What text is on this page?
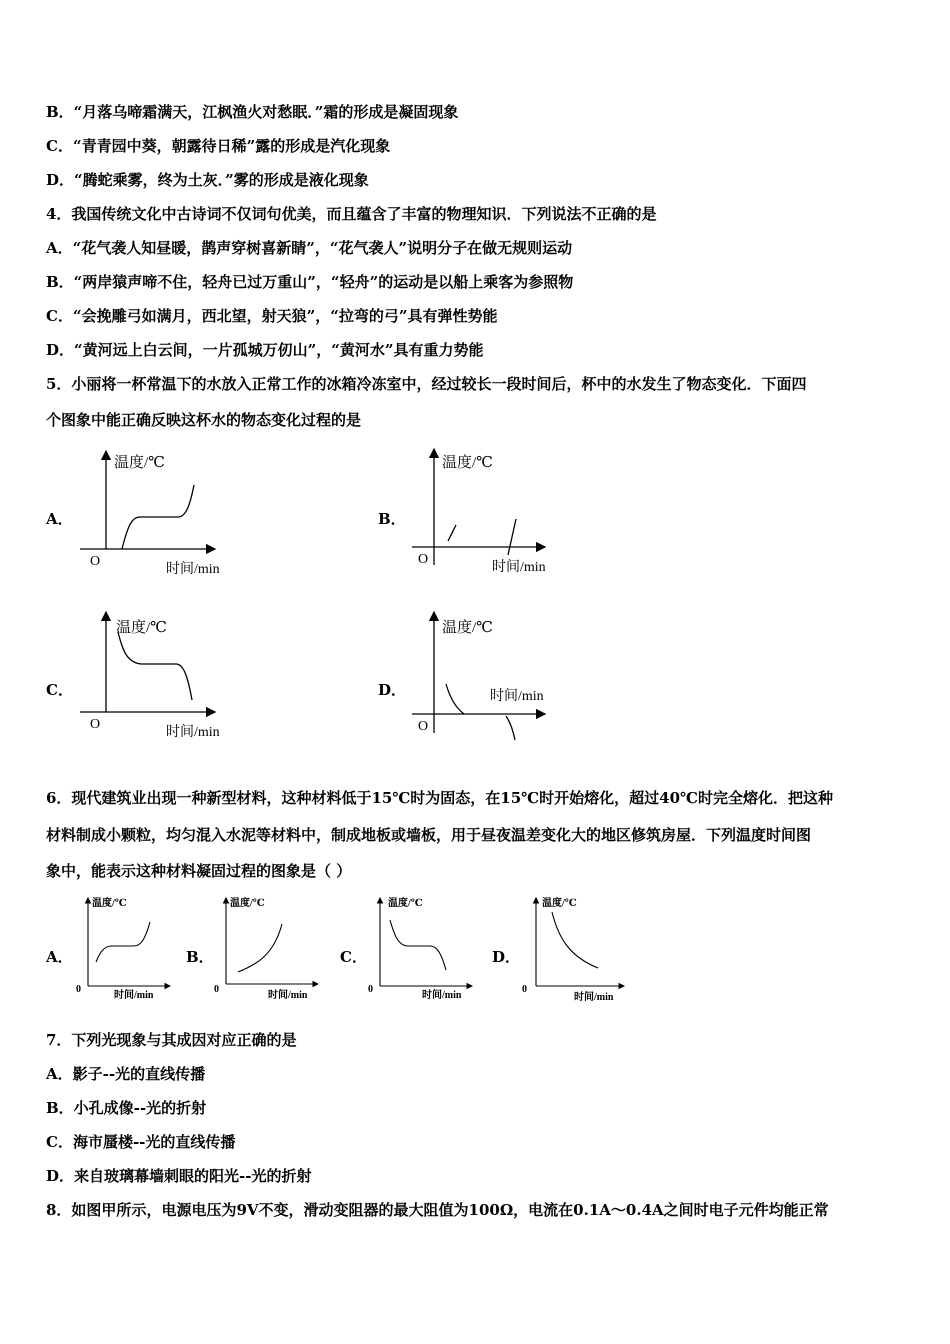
B．“月落乌啼霜满天，江枫渔火对愁眠．”霜的形成是凝固现象
C．“青青园中葵，朝露待日稀”露的形成是汽化现象
D．“腾蛇乘雾，终为土灰．”雾的形成是液化现象
4．我国传统文化中古诗词不仅词句优美，而且蕴含了丰富的物理知识．下列说法不正确的是
A．“花气袭人知昼暖，鹊声穿树喜新睛”，“花气袭人”说明分子在做无规则运动
B．“两岸猿声啼不住，轻舟已过万重山”，“轻舟”的运动是以船上乘客为参照物
C．“会挽雕弓如满月，西北望，射天狼”，“拉弯的弓”具有弹性势能
D．“黄河远上白云间，一片孤城万仞山”，“黄河水”具有重力势能
5．小丽将一杯常温下的水放入正常工作的冰箱冷冻室中，经过较长一段时间后，杯中的水发生了物态变化．下面四
个图象中能正确反映这杯水的物态变化过程的是
A．	B．
C．	D．
温度/℃
O
时间/min
温度/℃
O
时间/min
温度/℃
O
时间/min
温度/℃
时间/min
O
6．现代建筑业出现一种新型材料，这种材料低于15℃时为固态，在15℃时开始熔化，超过40℃时完全熔化．把这种
材料制成小颗粒，均匀混入水泥等材料中，制成地板或墙板，用于昼夜温差变化大的地区修筑房屋．下列温度时间图
象中，能表示这种材料凝固过程的图象是（ ）
A．	B．	C．	D．
温度/℃
0
时间/min
温度/℃
0
时间/min
温度/℃
0
时间/min
温度/℃
0
时间/min
7．下列光现象与其成因对应正确的是
A．影子--光的直线传播
B．小孔成像--光的折射
C．海市蜃楼--光的直线传播
D．来自玻璃幕墙刺眼的阳光--光的折射
8．如图甲所示，电源电压为9V不变，滑动变阻器的最大阻值为100Ω，电流在0.1A～0.4A之间时电子元件均能正常
